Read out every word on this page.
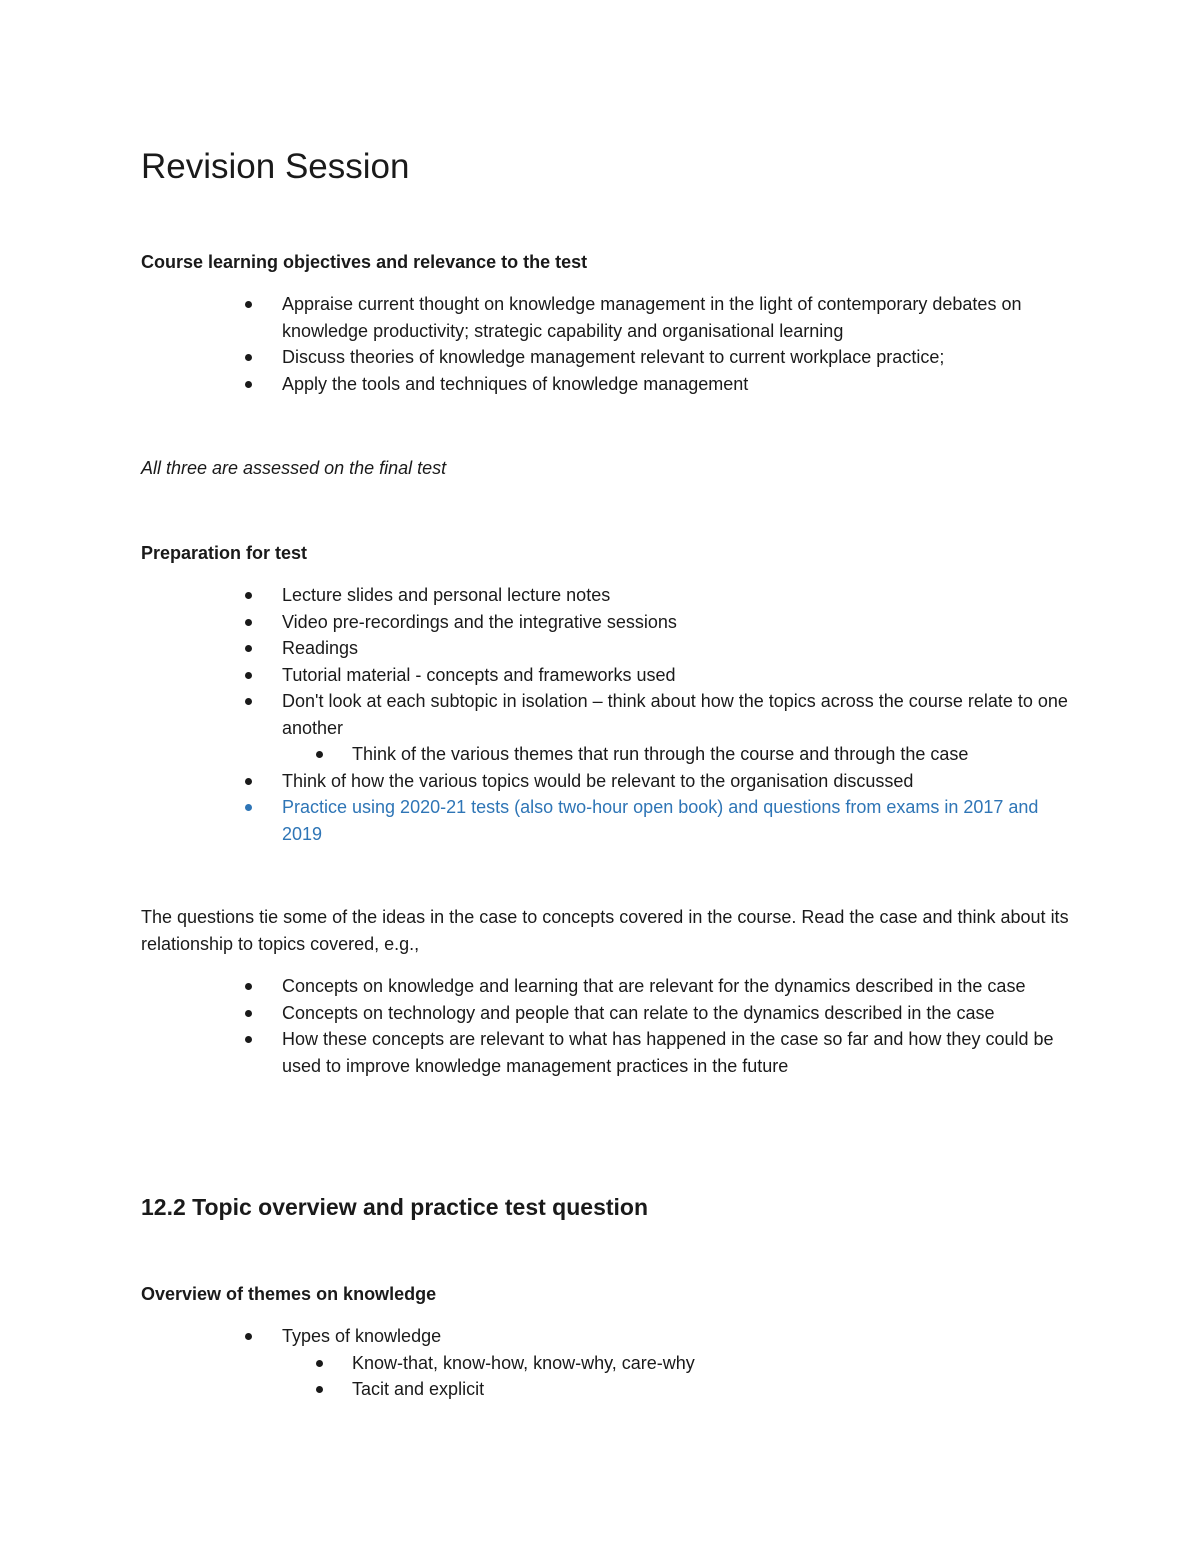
Revision Session

Course learning objectives and relevance to the test

Appraise current thought on knowledge management in the light of contemporary debates on knowledge productivity; strategic capability and organisational learning
Discuss theories of knowledge management relevant to current workplace practice;
Apply the tools and techniques of knowledge management

All three are assessed on the final test

Preparation for test

Lecture slides and personal lecture notes
Video pre-recordings and the integrative sessions
Readings
Tutorial material - concepts and frameworks used
Don't look at each subtopic in isolation – think about how the topics across the course relate to one another
Think of the various themes that run through the course and through the case
Think of how the various topics would be relevant to the organisation discussed
Practice using 2020-21 tests (also two-hour open book) and questions from exams in 2017 and 2019

The questions tie some of the ideas in the case to concepts covered in the course. Read the case and think about its relationship to topics covered, e.g.,

Concepts on knowledge and learning that are relevant for the dynamics described in the case
Concepts on technology and people that can relate to the dynamics described in the case
How these concepts are relevant to what has happened in the case so far and how they could be used to improve knowledge management practices in the future
12.2 Topic overview and practice test question

Overview of themes on knowledge

Types of knowledge
Know-that, know-how, know-why, care-why
Tacit and explicit
